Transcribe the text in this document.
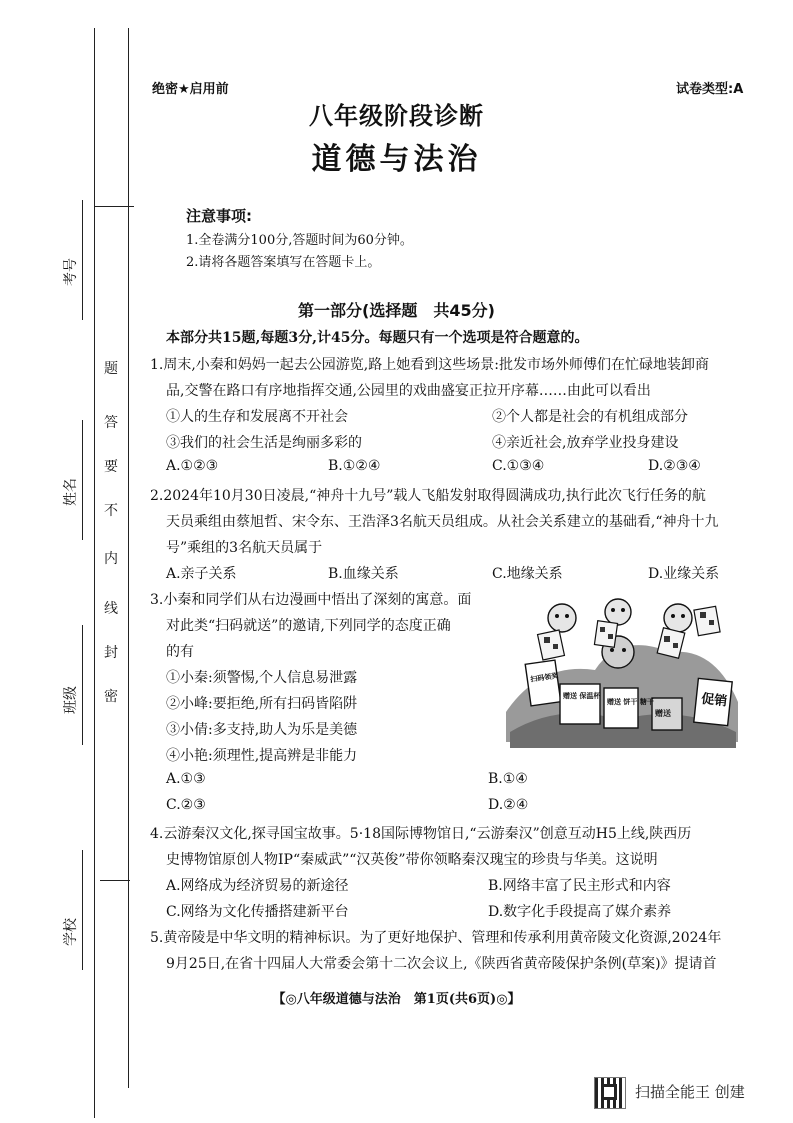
考号
姓名
班级
学校
题
答
要
不
内
线
封
密
绝密★启用前	试卷类型:A
八年级阶段诊断
道德与法治
注意事项:
1.全卷满分100分,答题时间为60分钟。
2.请将各题答案填写在答题卡上。
第一部分(选择题　共45分)
本部分共15题,每题3分,计45分。每题只有一个选项是符合题意的。
1.周末,小秦和妈妈一起去公园游览,路上她看到这些场景:批发市场外师傅们在忙碌地装卸商
品,交警在路口有序地指挥交通,公园里的戏曲盛宴正拉开序幕……由此可以看出
①人的生存和发展离不开社会	②个人都是社会的有机组成部分
③我们的社会生活是绚丽多彩的	④亲近社会,放弃学业投身建设
A.①②③	B.①②④	C.①③④	D.②③④
2.2024年10月30日凌晨,“神舟十九号”载人飞船发射取得圆满成功,执行此次飞行任务的航
天员乘组由蔡旭哲、宋令东、王浩泽3名航天员组成。从社会关系建立的基础看,“神舟十九
号”乘组的3名航天员属于
A.亲子关系	B.血缘关系	C.地缘关系	D.业缘关系
3.小秦和同学们从右边漫画中悟出了深刻的寓意。面
对此类“扫码就送”的邀请,下列同学的态度正确
的有
①小秦:须警惕,个人信息易泄露
②小峰:要拒绝,所有扫码皆陷阱
③小倩:多支持,助人为乐是美德
④小艳:须理性,提高辨是非能力
A.①③	B.①④
C.②③	D.②④
扫码领奖
赠送 保温杯
赠送 饼干 糖干	促销
赠送
4.云游秦汉文化,探寻国宝故事。5·18国际博物馆日,“云游秦汉”创意互动H5上线,陕西历
史博物馆原创人物IP“秦威武”“汉英俊”带你领略秦汉瑰宝的珍贵与华美。这说明
A.网络成为经济贸易的新途径	B.网络丰富了民主形式和内容
C.网络为文化传播搭建新平台	D.数字化手段提高了媒介素养
5.黄帝陵是中华文明的精神标识。为了更好地保护、管理和传承利用黄帝陵文化资源,2024年
9月25日,在省十四届人大常委会第十二次会议上,《陕西省黄帝陵保护条例(草案)》提请首
【◎八年级道德与法治　第1页(共6页)◎】
扫描全能王 创建
